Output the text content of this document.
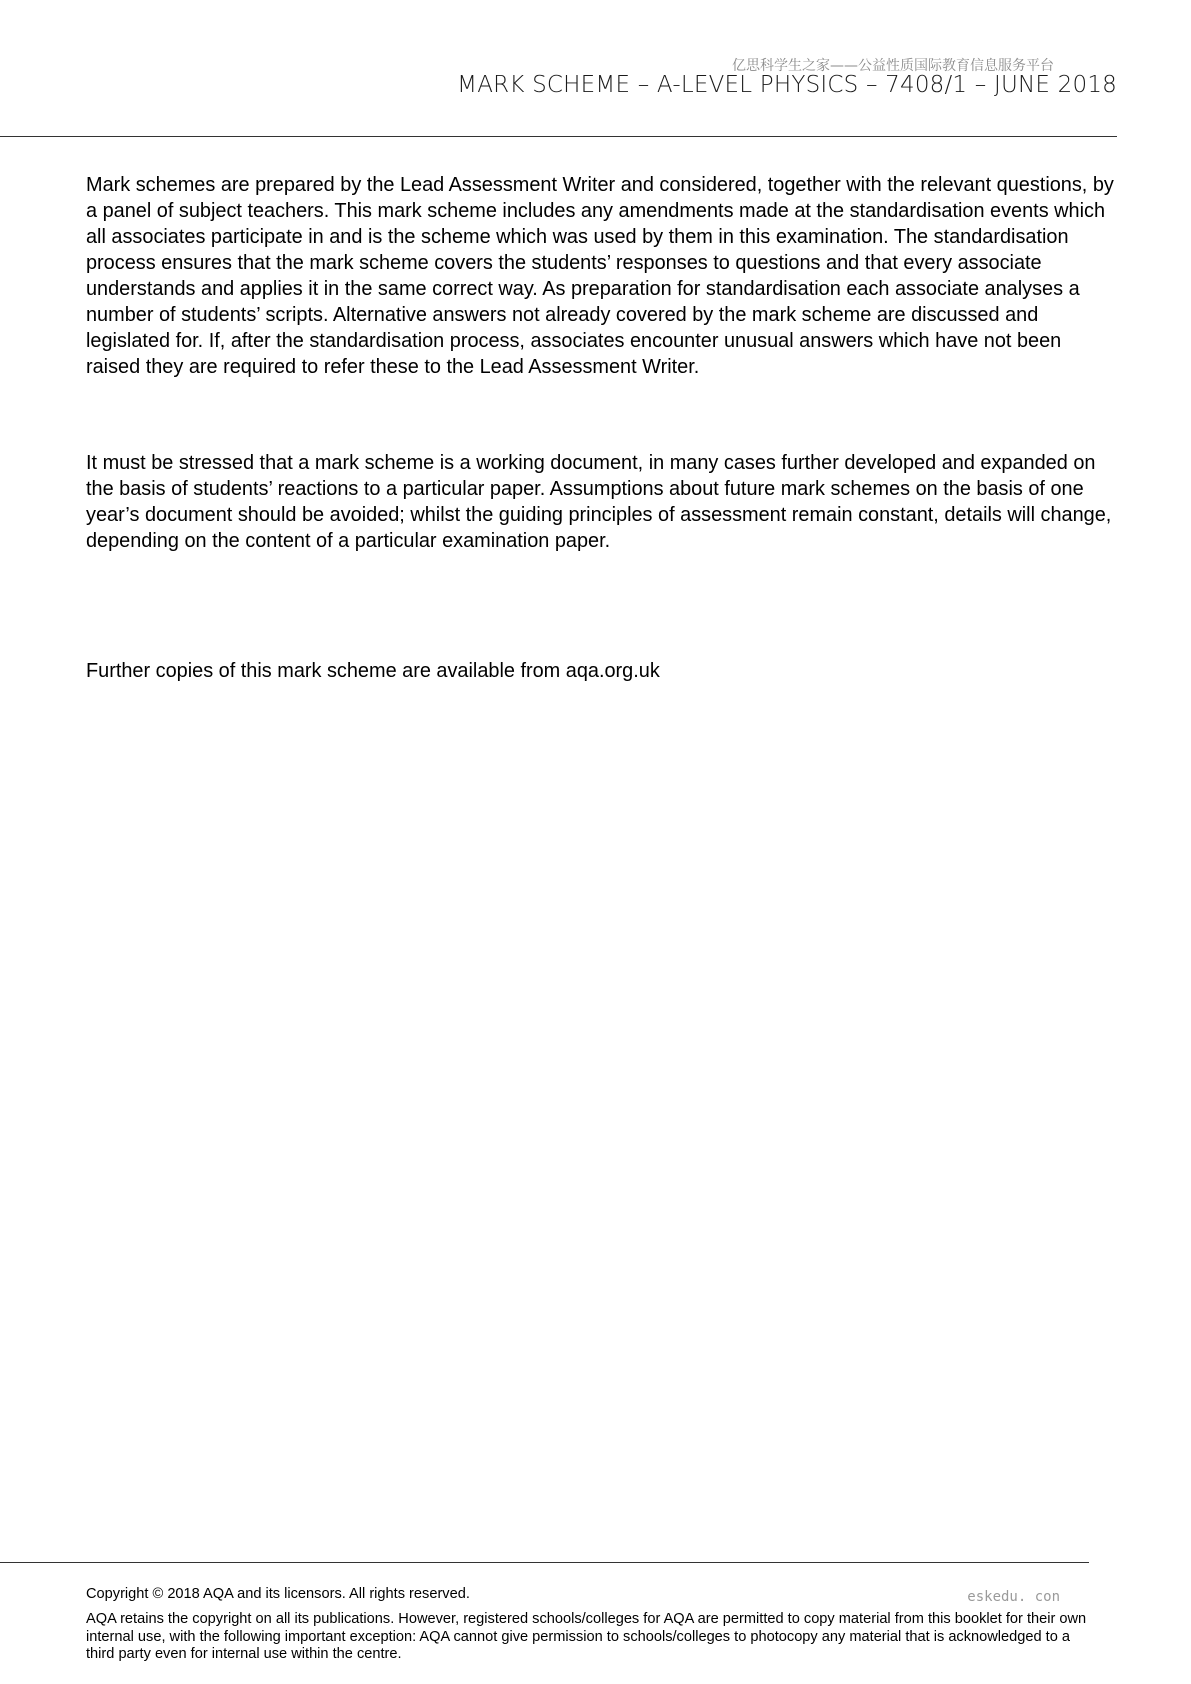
亿思科学生之家——公益性质国际教育信息服务平台
MARK SCHEME – A-LEVEL PHYSICS – 7408/1 – JUNE 2018

Mark schemes are prepared by the Lead Assessment Writer and considered, together with the relevant questions, by a panel of subject teachers. This mark scheme includes any amendments made at the standardisation events which all associates participate in and is the scheme which was used by them in this examination. The standardisation process ensures that the mark scheme covers the students’ responses to questions and that every associate understands and applies it in the same correct way. As preparation for standardisation each associate analyses a number of students’ scripts. Alternative answers not already covered by the mark scheme are discussed and legislated for. If, after the standardisation process, associates encounter unusual answers which have not been raised they are required to refer these to the Lead Assessment Writer.

It must be stressed that a mark scheme is a working document, in many cases further developed and expanded on the basis of students’ reactions to a particular paper. Assumptions about future mark schemes on the basis of one year’s document should be avoided; whilst the guiding principles of assessment remain constant, details will change, depending on the content of a particular examination paper.

Further copies of this mark scheme are available from aqa.org.uk

Copyright © 2018 AQA and its licensors. All rights reserved.	eskedu. con

AQA retains the copyright on all its publications. However, registered schools/colleges for AQA are permitted to copy material from this booklet for their own internal use, with the following important exception: AQA cannot give permission to schools/colleges to photocopy any material that is acknowledged to a third party even for internal use within the centre.
